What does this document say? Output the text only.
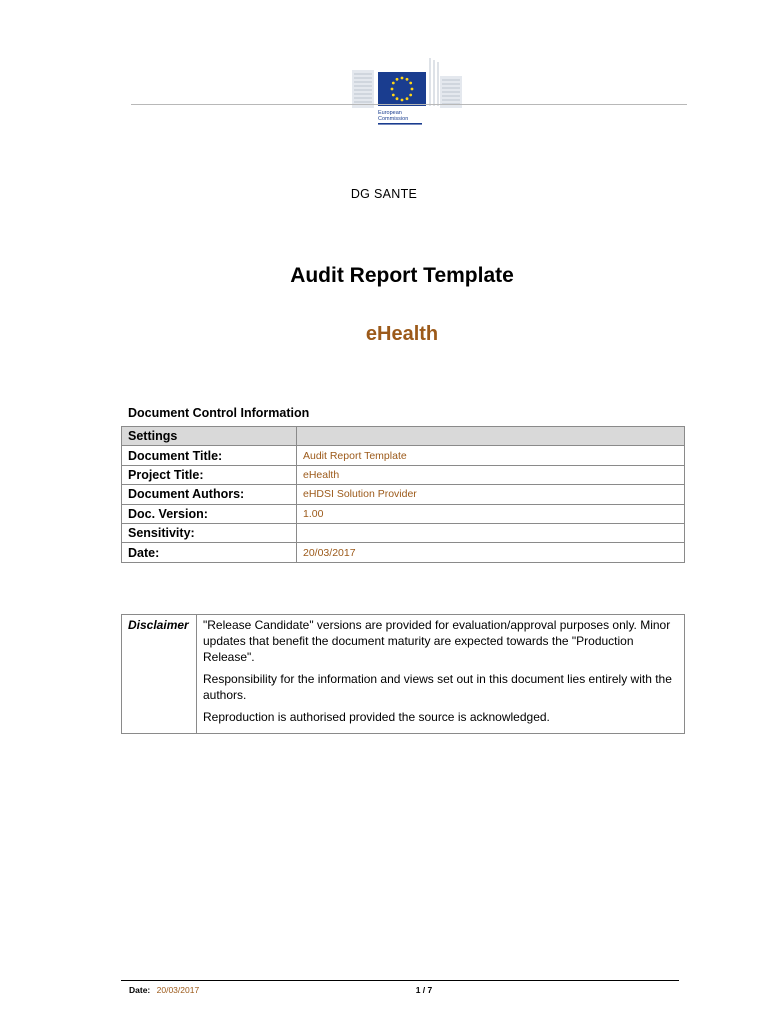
European
Commission
DG SANTE
Audit Report Template
eHealth
Document Control Information
Settings	
Document Title:	Audit Report Template
Project Title:	eHealth
Document Authors:	eHDSI Solution Provider
Doc. Version:	1.00
Sensitivity:	
Date:	20/03/2017
Disclaimer	"Release Candidate" versions are provided for evaluation/approval purposes only. Minor updates that benefit the document maturity are expected towards the "Production Release".

Responsibility for the information and views set out in this document lies entirely with the authors.

Reproduction is authorised provided the source is acknowledged.

Date: 20/03/2017	1 / 7
